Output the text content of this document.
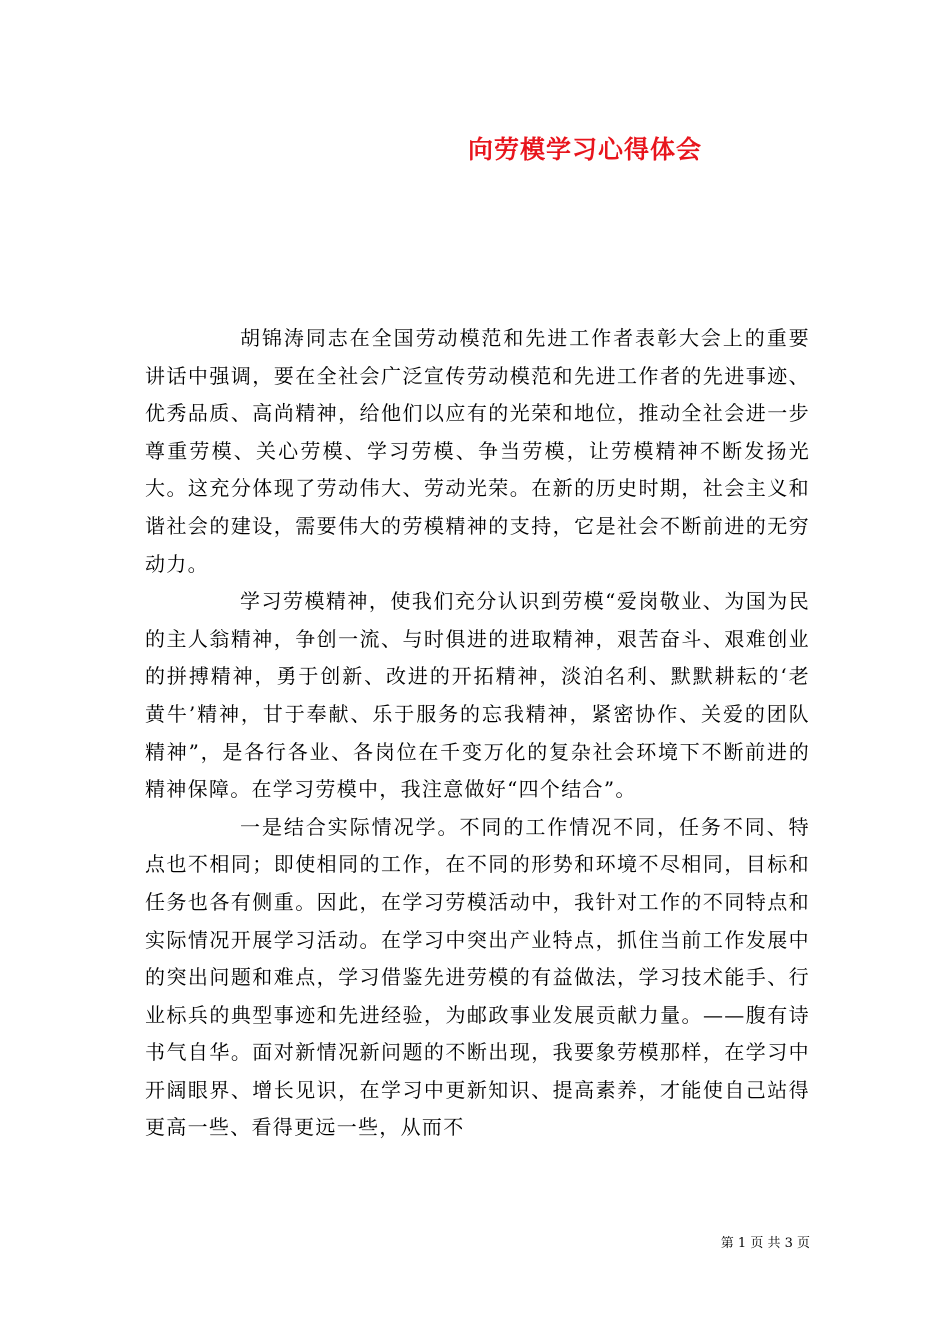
向劳模学习心得体会

胡锦涛同志在全国劳动模范和先进工作者表彰大会上的重要讲话中强调，要在全社会广泛宣传劳动模范和先进工作者的先进事迹、优秀品质、高尚精神，给他们以应有的光荣和地位，推动全社会进一步尊重劳模、关心劳模、学习劳模、争当劳模，让劳模精神不断发扬光大。这充分体现了劳动伟大、劳动光荣。在新的历史时期，社会主义和谐社会的建设，需要伟大的劳模精神的支持，它是社会不断前进的无穷动力。

学习劳模精神，使我们充分认识到劳模“爱岗敬业、为国为民的主人翁精神，争创一流、与时俱进的进取精神，艰苦奋斗、艰难创业的拼搏精神，勇于创新、改进的开拓精神，淡泊名利、默默耕耘的‘老黄牛’精神，甘于奉献、乐于服务的忘我精神，紧密协作、关爱的团队精神”，是各行各业、各岗位在千变万化的复杂社会环境下不断前进的精神保障。在学习劳模中，我注意做好“四个结合”。

一是结合实际情况学。不同的工作情况不同，任务不同、特点也不相同；即使相同的工作，在不同的形势和环境不尽相同，目标和任务也各有侧重。因此，在学习劳模活动中，我针对工作的不同特点和实际情况开展学习活动。在学习中突出产业特点，抓住当前工作发展中的突出问题和难点，学习借鉴先进劳模的有益做法，学习技术能手、行业标兵的典型事迹和先进经验，为邮政事业发展贡献力量。——腹有诗书气自华。面对新情况新问题的不断出现，我要象劳模那样，在学习中开阔眼界、增长见识，在学习中更新知识、提高素养，才能使自己站得更高一些、看得更远一些，从而不

第 1 页 共 3 页
